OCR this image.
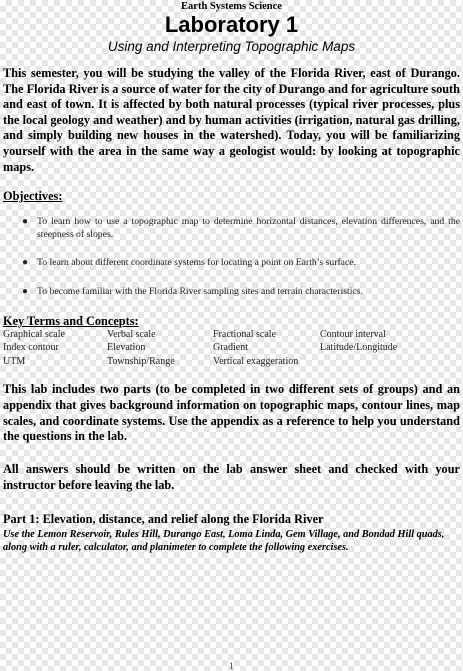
Earth Systems Science
Laboratory 1
Using and Interpreting Topographic Maps

This semester, you will be studying the valley of the Florida River, east of Durango. The Florida River is a source of water for the city of Durango and for agriculture south and east of town. It is affected by both natural processes (typical river processes, plus the local geology and weather) and by human activities (irrigation, natural gas drilling, and simply building new houses in the watershed). Today, you will be familiarizing yourself with the area in the same way a geologist would: by looking at topographic maps.

Objectives:
● To learn how to use a topographic map to determine horizontal distances, elevation differences, and the steepness of slopes.
● To learn about different coordinate systems for locating a point on Earth’s surface.
● To become familiar with the Florida River sampling sites and terrain characteristics.
Key Terms and Concepts:
Graphical scale	Verbal scale	Fractional scale	Contour interval
Index contour	Elevation	Gradient	Latitude/Longitude
UTM	Township/Range	Vertical exaggeration

This lab includes two parts (to be completed in two different sets of groups) and an appendix that gives background information on topographic maps, contour lines, map scales, and coordinate systems. Use the appendix as a reference to help you understand the questions in the lab.

All answers should be written on the lab answer sheet and checked with your instructor before leaving the lab.

Part 1: Elevation, distance, and relief along the Florida River
Use the Lemon Reservoir, Rules Hill, Durango East, Loma Linda, Gem Village, and Bondad Hill quads, along with a ruler, calculator, and planimeter to complete the following exercises.
1
